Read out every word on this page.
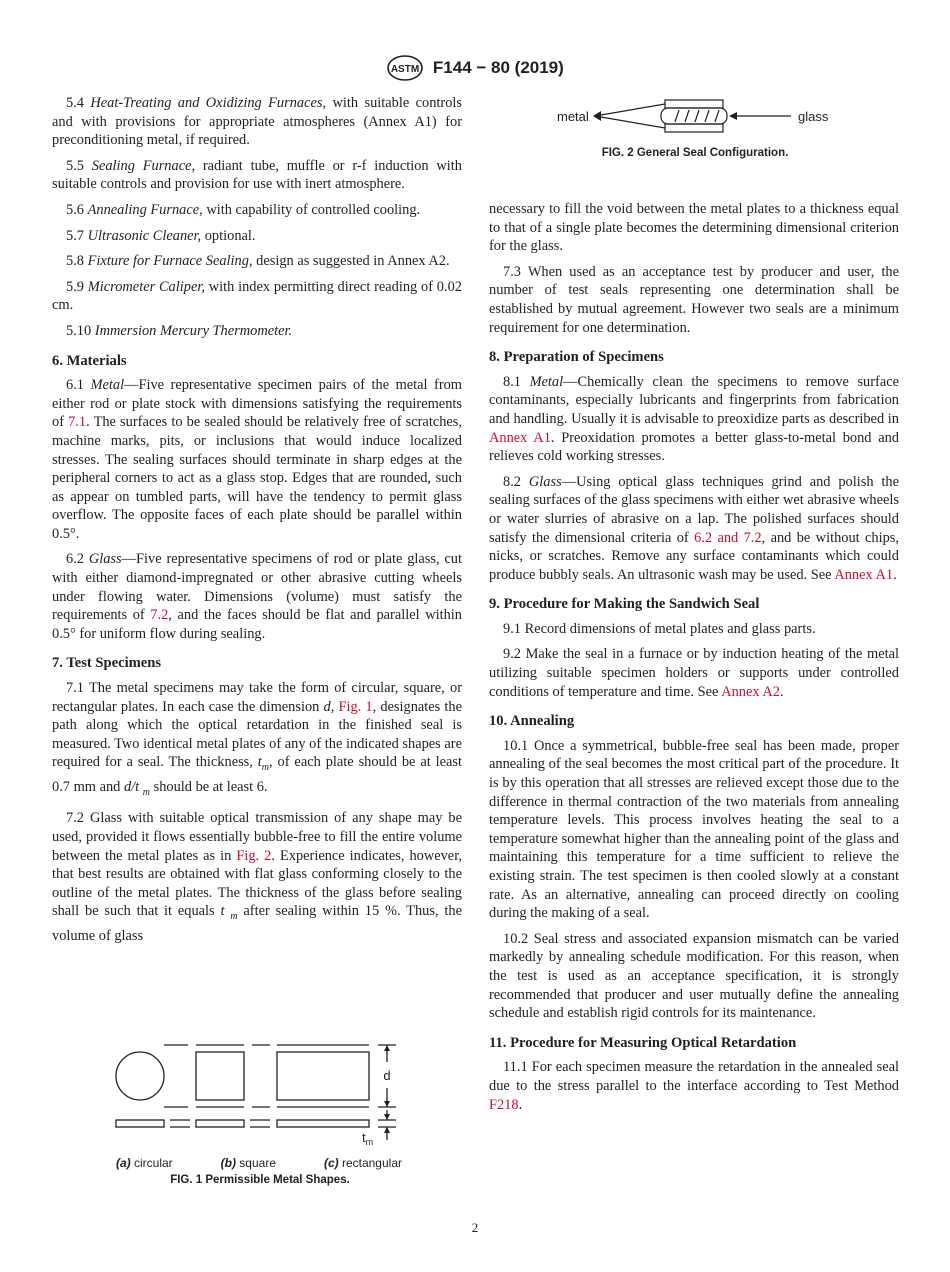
ASTM F144 − 80 (2019)

5.4 Heat-Treating and Oxidizing Furnaces, with suitable controls and with provisions for appropriate atmospheres (Annex A1) for preconditioning metal, if required.

5.5 Sealing Furnace, radiant tube, muffle or r-f induction with suitable controls and provision for use with inert atmosphere.

5.6 Annealing Furnace, with capability of controlled cooling.

5.7 Ultrasonic Cleaner, optional.

5.8 Fixture for Furnace Sealing, design as suggested in Annex A2.

5.9 Micrometer Caliper, with index permitting direct reading of 0.02 cm.

5.10 Immersion Mercury Thermometer.

6. Materials

6.1 Metal—Five representative specimen pairs of the metal from either rod or plate stock with dimensions satisfying the requirements of 7.1. The surfaces to be sealed should be relatively free of scratches, machine marks, pits, or inclusions that would induce localized stresses. The sealing surfaces should terminate in sharp edges at the peripheral corners to act as a glass stop. Edges that are rounded, such as appear on tumbled parts, will have the tendency to permit glass overflow. The opposite faces of each plate should be parallel within 0.5°.

6.2 Glass—Five representative specimens of rod or plate glass, cut with either diamond-impregnated or other abrasive cutting wheels under flowing water. Dimensions (volume) must satisfy the requirements of 7.2, and the faces should be flat and parallel within 0.5° for uniform flow during sealing.

7. Test Specimens

7.1 The metal specimens may take the form of circular, square, or rectangular plates. In each case the dimension d, Fig. 1, designates the path along which the optical retardation in the finished seal is measured. Two identical metal plates of any of the indicated shapes are required for a seal. The thickness, $t_m$, of each plate should be at least 0.7 mm and d/t $_m$ should be at least 6.

7.2 Glass with suitable optical transmission of any shape may be used, provided it flows essentially bubble-free to fill the entire volume between the metal plates as in Fig. 2. Experience indicates, however, that best results are obtained with flat glass conforming closely to the outline of the metal plates. The thickness of the glass before sealing shall be such that it equals t $_m$ after sealing within 15 %. Thus, the volume of glass

d
$t_m$
(a) circular	(b) square	(c) rectangular
FIG. 1 Permissible Metal Shapes.
metal	glass
FIG. 2 General Seal Configuration.

necessary to fill the void between the metal plates to a thickness equal to that of a single plate becomes the determining dimensional criterion for the glass.

7.3 When used as an acceptance test by producer and user, the number of test seals representing one determination shall be established by mutual agreement. However two seals are a minimum requirement for one determination.

8. Preparation of Specimens

8.1 Metal—Chemically clean the specimens to remove surface contaminants, especially lubricants and fingerprints from fabrication and handling. Usually it is advisable to preoxidize parts as described in Annex A1. Preoxidation promotes a better glass-to-metal bond and relieves cold working stresses.

8.2 Glass—Using optical glass techniques grind and polish the sealing surfaces of the glass specimens with either wet abrasive wheels or water slurries of abrasive on a lap. The polished surfaces should satisfy the dimensional criteria of 6.2 and 7.2, and be without chips, nicks, or scratches. Remove any surface contaminants which could produce bubbly seals. An ultrasonic wash may be used. See Annex A1.

9. Procedure for Making the Sandwich Seal

9.1 Record dimensions of metal plates and glass parts.

9.2 Make the seal in a furnace or by induction heating of the metal utilizing suitable specimen holders or supports under controlled conditions of temperature and time. See Annex A2.

10. Annealing

10.1 Once a symmetrical, bubble-free seal has been made, proper annealing of the seal becomes the most critical part of the procedure. It is by this operation that all stresses are relieved except those due to the difference in thermal contraction of the two materials from annealing temperature levels. This process involves heating the seal to a temperature somewhat higher than the annealing point of the glass and maintaining this temperature for a time sufficient to relieve the existing strain. The test specimen is then cooled slowly at a constant rate. As an alternative, annealing can proceed directly on cooling during the making of a seal.

10.2 Seal stress and associated expansion mismatch can be varied markedly by annealing schedule modification. For this reason, when the test is used as an acceptance specification, it is strongly recommended that producer and user mutually define the annealing schedule and establish rigid controls for its maintenance.

11. Procedure for Measuring Optical Retardation

11.1 For each specimen measure the retardation in the annealed seal due to the stress parallel to the interface according to Test Method F218.

2
